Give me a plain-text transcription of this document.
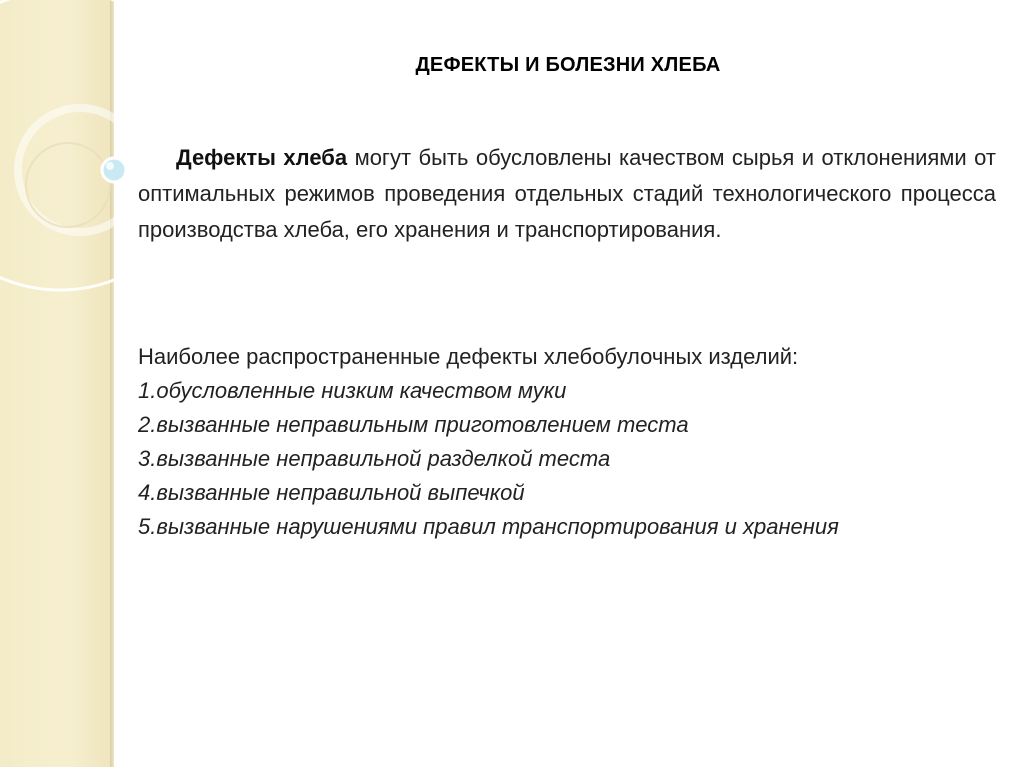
ДЕФЕКТЫ И БОЛЕЗНИ ХЛЕБА
Дефекты хлеба могут быть обусловлены качеством сырья и отклонениями от оптимальных режимов проведения отдельных стадий технологического процесса производства хлеба, его хранения и транспортирования.
Наиболее распространенные дефекты хлебобулочных изделий:
1.обусловленные низким качеством муки
2.вызванные неправильным приготовлением теста
3.вызванные неправильной разделкой теста
4.вызванные неправильной выпечкой
5.вызванные нарушениями правил транспортирования и хранения
